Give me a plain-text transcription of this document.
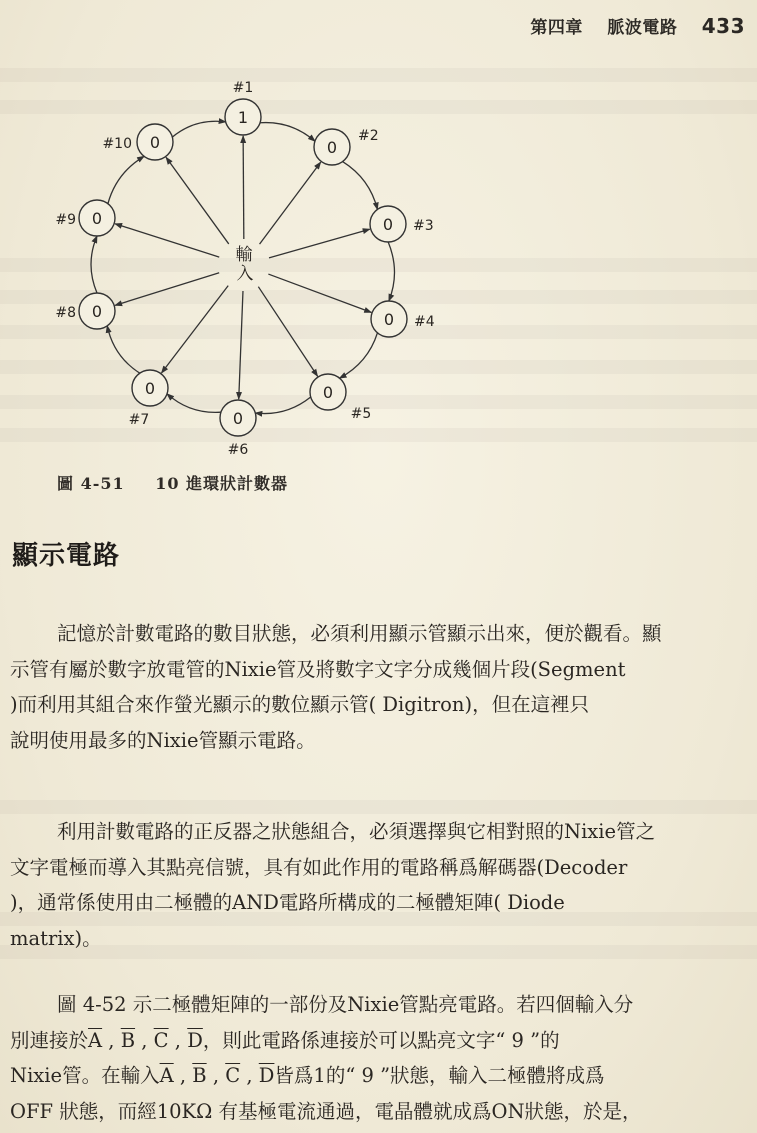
第四章 脈波電路 433
1
#1
0
#2
0 #3
0 #4
0
#5
0
#6
0
#7
0
#8
0
#9
0
#10
輸
入
圖 4-51 10 進環狀計數器
顯示電路

記憶於計數電路的數目狀態，必須利用顯示管顯示出來，便於觀看。顯

示管有屬於數字放電管的Nixie管及將數字文字分成幾個片段(Segment

)而利用其組合來作螢光顯示的數位顯示管( Digitron)，但在這裡只

說明使用最多的Nixie管顯示電路。

利用計數電路的正反器之狀態組合，必須選擇與它相對照的Nixie管之

文字電極而導入其點亮信號，具有如此作用的電路稱爲解碼器(Decoder

)，通常係使用由二極體的AND電路所構成的二極體矩陣( Diode

matrix)。

圖 4-52 示二極體矩陣的一部份及Nixie管點亮電路。若四個輸入分

別連接於$\overline{A}$ , $\overline{B}$ , $\overline{C}$ , $\overline{D}$，則此電路係連接於可以點亮文字“ 9 ”的

Nixie管。在輸入$\overline{A}$ , $\overline{B}$ , $\overline{C}$ , $\overline{D}$皆爲1的“ 9 ”狀態，輸入二極體將成爲

OFF 狀態，而經10KΩ 有基極電流通過，電晶體就成爲ON狀態，於是，
